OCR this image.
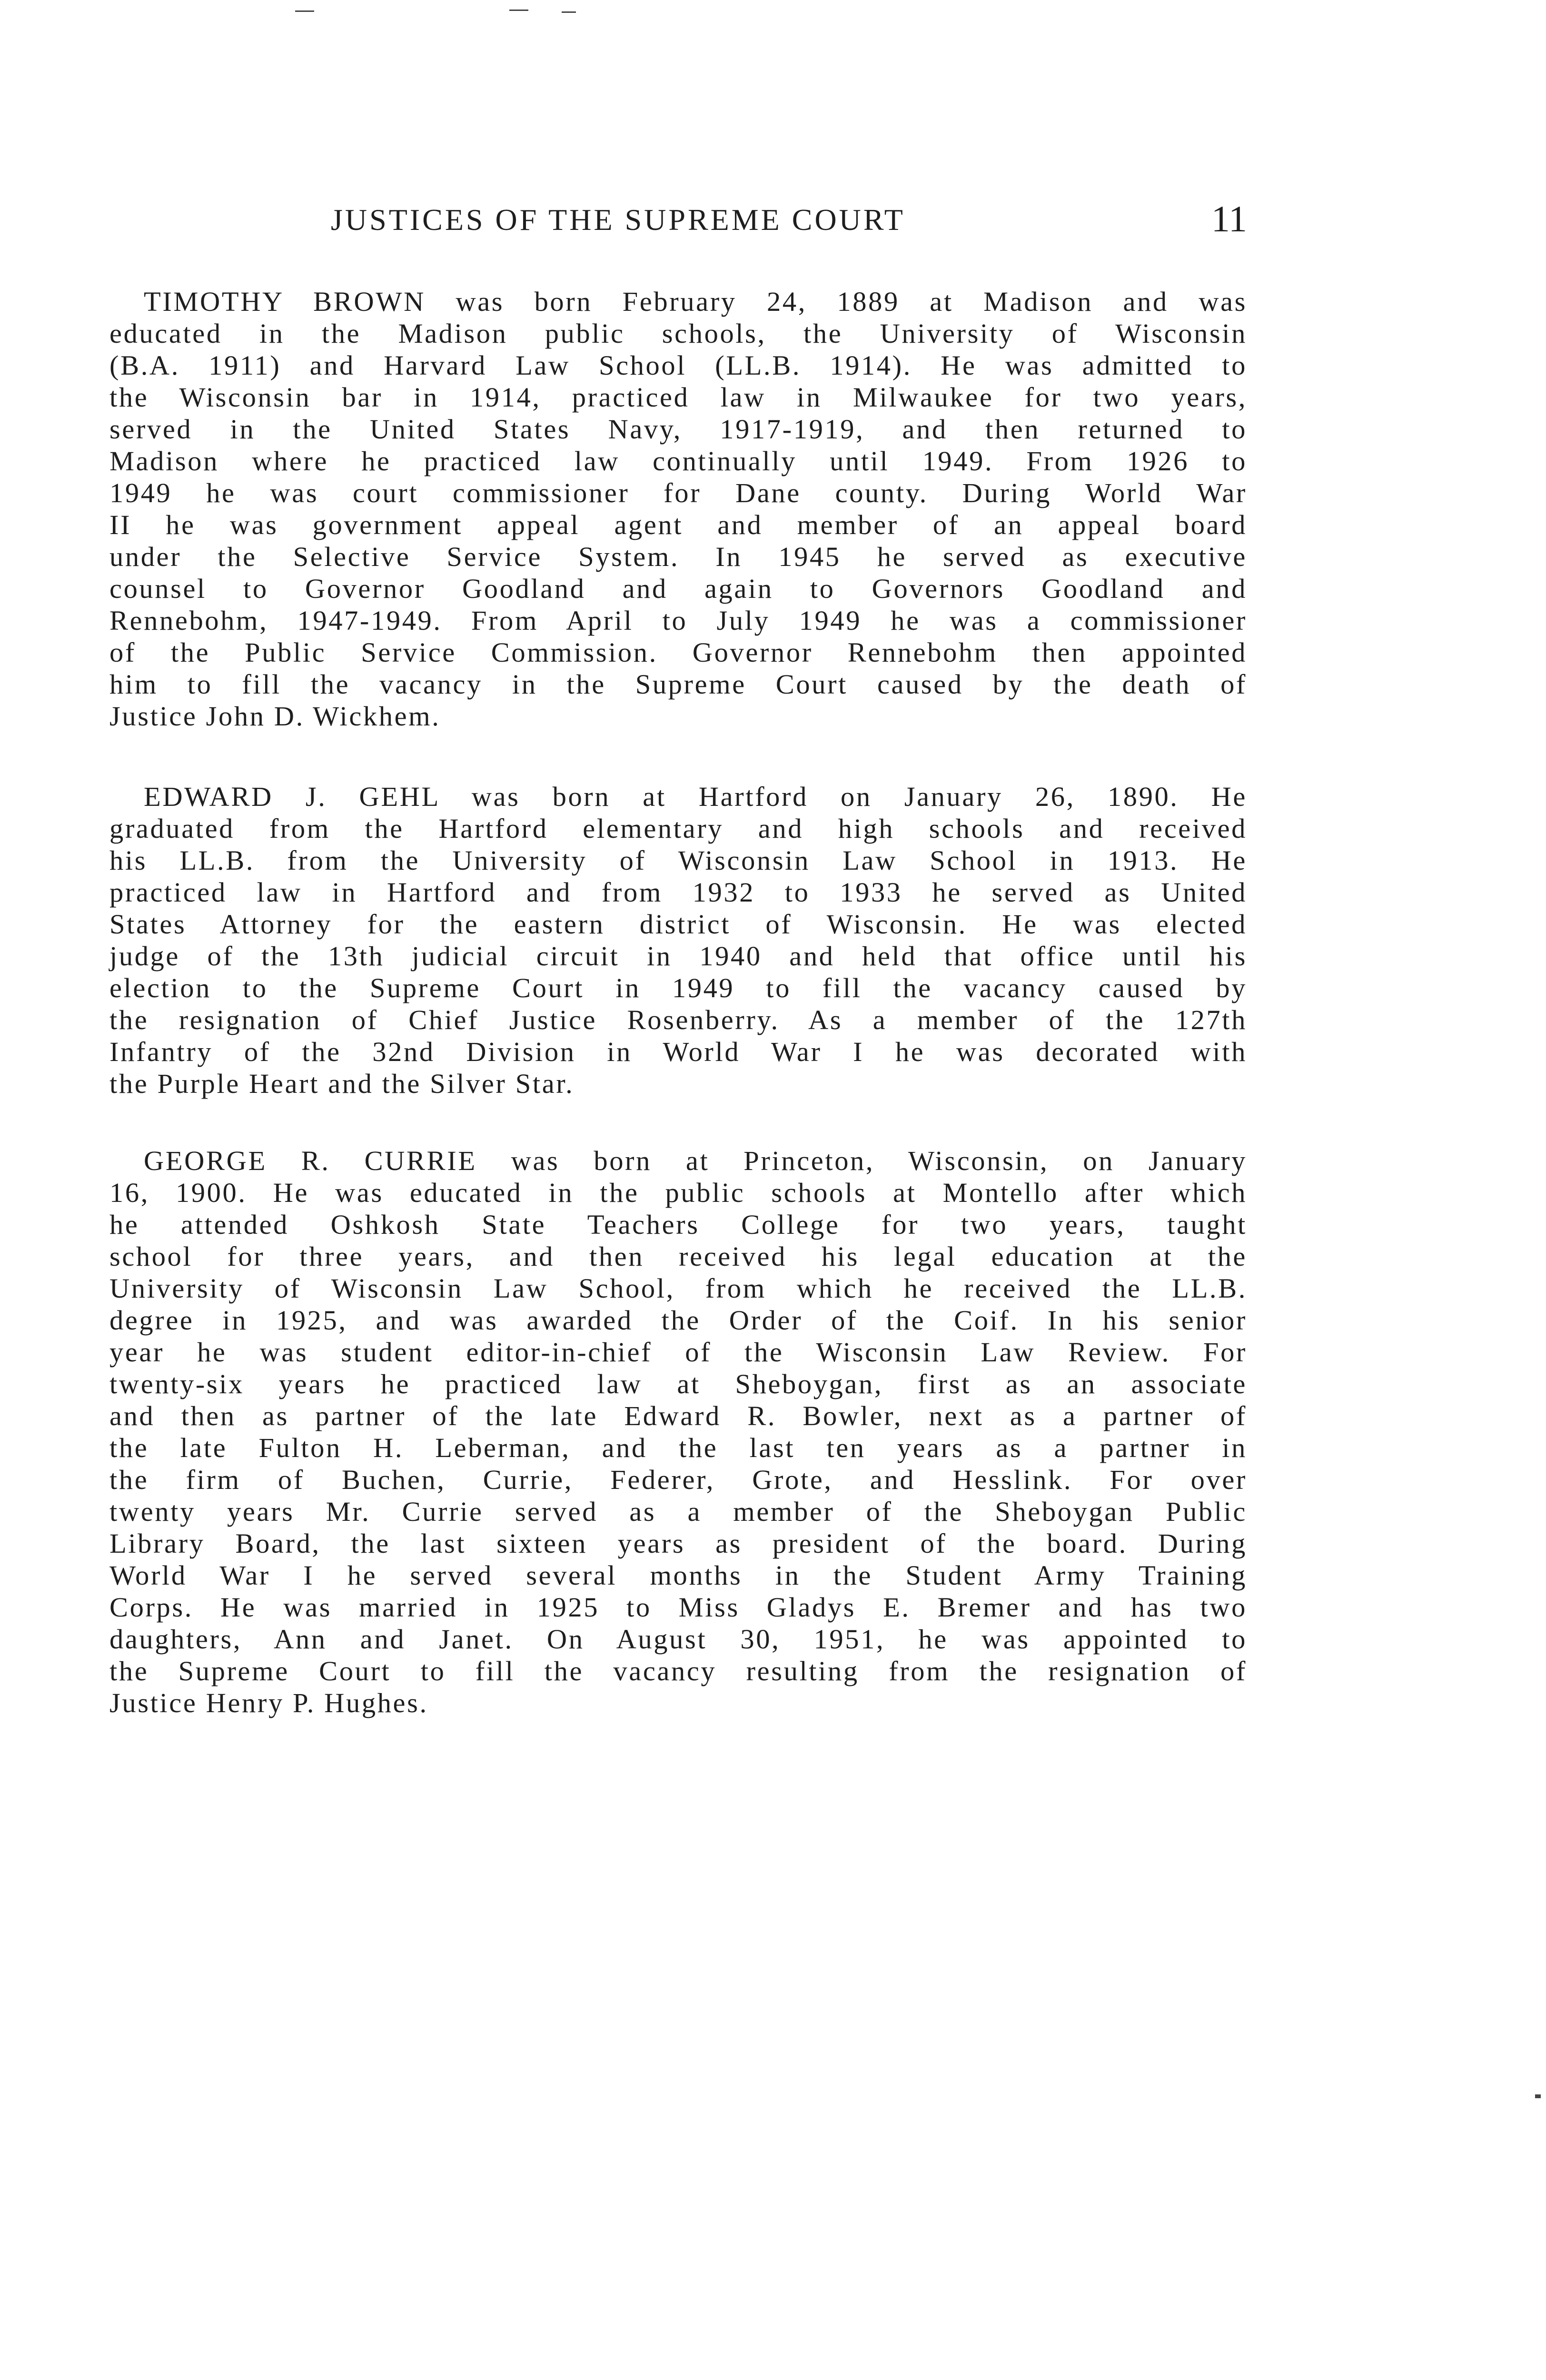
JUSTICES OF THE SUPREME COURT	11
TIMOTHY BROWN was born February 24, 1889 at Madison and was
educated in the Madison public schools, the University of Wisconsin
(B.A. 1911) and Harvard Law School (LL.B. 1914). He was admitted to
the Wisconsin bar in 1914, practiced law in Milwaukee for two years,
served in the United States Navy, 1917-1919, and then returned to
Madison where he practiced law continually until 1949. From 1926 to
1949 he was court commissioner for Dane county. During World War
II he was government appeal agent and member of an appeal board
under the Selective Service System. In 1945 he served as executive
counsel to Governor Goodland and again to Governors Goodland and
Rennebohm, 1947-1949. From April to July 1949 he was a commissioner
of the Public Service Commission. Governor Rennebohm then appointed
him to fill the vacancy in the Supreme Court caused by the death of
Justice John D. Wickhem.
EDWARD J. GEHL was born at Hartford on January 26, 1890. He
graduated from the Hartford elementary and high schools and received
his LL.B. from the University of Wisconsin Law School in 1913. He
practiced law in Hartford and from 1932 to 1933 he served as United
States Attorney for the eastern district of Wisconsin. He was elected
judge of the 13th judicial circuit in 1940 and held that office until his
election to the Supreme Court in 1949 to fill the vacancy caused by
the resignation of Chief Justice Rosenberry. As a member of the 127th
Infantry of the 32nd Division in World War I he was decorated with
the Purple Heart and the Silver Star.
GEORGE R. CURRIE was born at Princeton, Wisconsin, on January
16, 1900. He was educated in the public schools at Montello after which
he attended Oshkosh State Teachers College for two years, taught
school for three years, and then received his legal education at the
University of Wisconsin Law School, from which he received the LL.B.
degree in 1925, and was awarded the Order of the Coif. In his senior
year he was student editor-in-chief of the Wisconsin Law Review. For
twenty-six years he practiced law at Sheboygan, first as an associate
and then as partner of the late Edward R. Bowler, next as a partner of
the late Fulton H. Leberman, and the last ten years as a partner in
the firm of Buchen, Currie, Federer, Grote, and Hesslink. For over
twenty years Mr. Currie served as a member of the Sheboygan Public
Library Board, the last sixteen years as president of the board. During
World War I he served several months in the Student Army Training
Corps. He was married in 1925 to Miss Gladys E. Bremer and has two
daughters, Ann and Janet. On August 30, 1951, he was appointed to
the Supreme Court to fill the vacancy resulting from the resignation of
Justice Henry P. Hughes.
